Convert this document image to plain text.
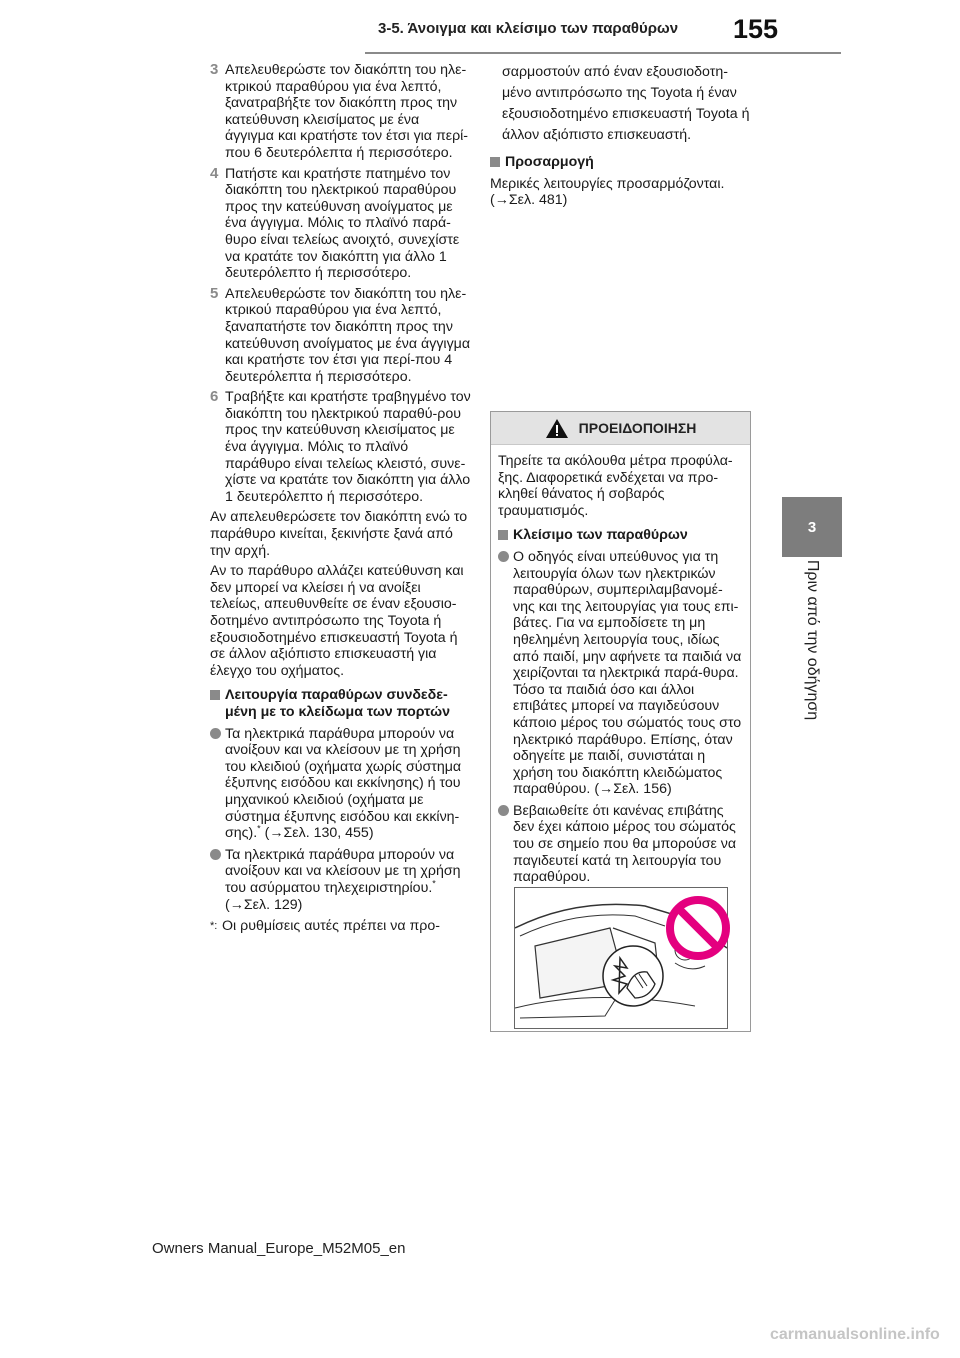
3-5. Άνοιγμα και κλείσιμο των παραθύρων 155
3
Πριν από την οδήγηση
3 Απελευθερώστε τον διακόπτη του ηλε-κτρικού παραθύρου για ένα λεπτό, ξανατραβήξτε τον διακόπτη προς την κατεύθυνση κλεισίματος με ένα άγγιγμα και κρατήστε τον έτσι για περί-που 6 δευτερόλεπτα ή περισσότερο.
4 Πατήστε και κρατήστε πατημένο τον διακόπτη του ηλεκτρικού παραθύρου προς την κατεύθυνση ανοίγματος με ένα άγγιγμα. Μόλις το πλαϊνό παρά-θυρο είναι τελείως ανοιχτό, συνεχίστε να κρατάτε τον διακόπτη για άλλο 1 δευτερόλεπτο ή περισσότερο.
5 Απελευθερώστε τον διακόπτη του ηλε-κτρικού παραθύρου για ένα λεπτό, ξαναπατήστε τον διακόπτη προς την κατεύθυνση ανοίγματος με ένα άγγιγμα και κρατήστε τον έτσι για περί-που 4 δευτερόλεπτα ή περισσότερο.
6 Τραβήξτε και κρατήστε τραβηγμένο τον διακόπτη του ηλεκτρικού παραθύ-ρου προς την κατεύθυνση κλεισίματος με ένα άγγιγμα. Μόλις το πλαϊνό παράθυρο είναι τελείως κλειστό, συνε-χίστε να κρατάτε τον διακόπτη για άλλο 1 δευτερόλεπτο ή περισσότερο.
Αν απελευθερώσετε τον διακόπτη ενώ το παράθυρο κινείται, ξεκινήστε ξανά από την αρχή.
Αν το παράθυρο αλλάζει κατεύθυνση και δεν μπορεί να κλείσει ή να ανοίξει τελείως, απευθυνθείτε σε έναν εξουσιο-δοτημένο αντιπρόσωπο της Toyota ή εξουσιοδοτημένο επισκευαστή Toyota ή σε άλλον αξιόπιστο επισκευαστή για έλεγχο του οχήματος.
Λειτουργία παραθύρων συνδεδε-μένη με το κλείδωμα των πορτών
Τα ηλεκτρικά παράθυρα μπορούν να ανοίξουν και να κλείσουν με τη χρήση του κλειδιού (οχήματα χωρίς σύστημα έξυπνης εισόδου και εκκίνησης) ή του μηχανικού κλειδιού (οχήματα με σύστημα έξυπνης εισόδου και εκκίνη-σης).* (→Σελ. 130, 455)
Τα ηλεκτρικά παράθυρα μπορούν να ανοίξουν και να κλείσουν με τη χρήση του ασύρματου τηλεχειριστηρίου.*
(→Σελ. 129)
*: Οι ρυθμίσεις αυτές πρέπει να προ-
σαρμοστούν από έναν εξουσιοδοτη-μένο αντιπρόσωπο της Toyota ή έναν εξουσιοδοτημένο επισκευαστή Toyota ή άλλον αξιόπιστο επισκευαστή.
Προσαρμογή
Μερικές λειτουργίες προσαρμόζονται. (→Σελ. 481)
ΠΡΟΕΙΔΟΠΟΙΗΣΗ
Τηρείτε τα ακόλουθα μέτρα προφύλα-ξης. Διαφορετικά ενδέχεται να προ-κληθεί θάνατος ή σοβαρός τραυματισμός.
Κλείσιμο των παραθύρων
Ο οδηγός είναι υπεύθυνος για τη λειτουργία όλων των ηλεκτρικών παραθύρων, συμπεριλαμβανομέ-νης και της λειτουργίας για τους επι-βάτες. Για να εμποδίσετε τη μη ηθελημένη λειτουργία τους, ιδίως από παιδί, μην αφήνετε τα παιδιά να χειρίζονται τα ηλεκτρικά παρά-θυρα. Τόσο τα παιδιά όσο και άλλοι επιβάτες μπορεί να παγιδεύσουν κάποιο μέρος του σώματός τους στο ηλεκτρικό παράθυρο. Επίσης, όταν οδηγείτε με παιδί, συνιστάται η χρήση του διακόπτη κλειδώματος παραθύρου. (→Σελ. 156)
Βεβαιωθείτε ότι κανένας επιβάτης δεν έχει κάποιο μέρος του σώματός του σε σημείο που θα μπορούσε να παγιδευτεί κατά τη λειτουργία του παραθύρου.
Owners Manual_Europe_M52M05_en
carmanualsonline.info
